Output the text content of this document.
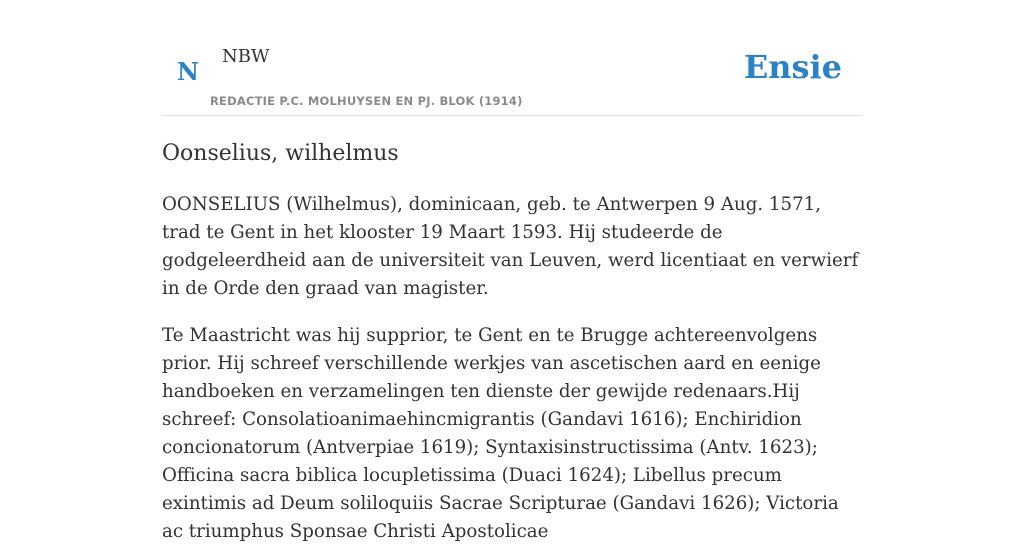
N
NBW
REDACTIE P.C. MOLHUYSEN EN PJ. BLOK (1914)
Ensie
Oonselius, wilhelmus

OONSELIUS (Wilhelmus), dominicaan, geb. te Antwerpen 9 Aug. 1571, trad te Gent in het klooster 19 Maart 1593. Hij studeerde de godgeleerdheid aan de universiteit van Leuven, werd licentiaat en verwierf in de Orde den graad van magister.

Te Maastricht was hij supprior, te Gent en te Brugge achtereenvolgens prior. Hij schreef verschillende werkjes van ascetischen aard en eenige handboeken en verzamelingen ten dienste der gewijde redenaars.Hij schreef: Consolatioanimaehincmigrantis (Gandavi 1616); Enchiridion concionatorum (Antverpiae 1619); Syntaxisinstructissima (Antv. 1623); Officina sacra biblica locupletissima (Duaci 1624); Libellus precum exintimis ad Deum soliloquiis Sacrae Scripturae (Gandavi 1626); Victoria ac triumphus Sponsae Christi Apostolicae
